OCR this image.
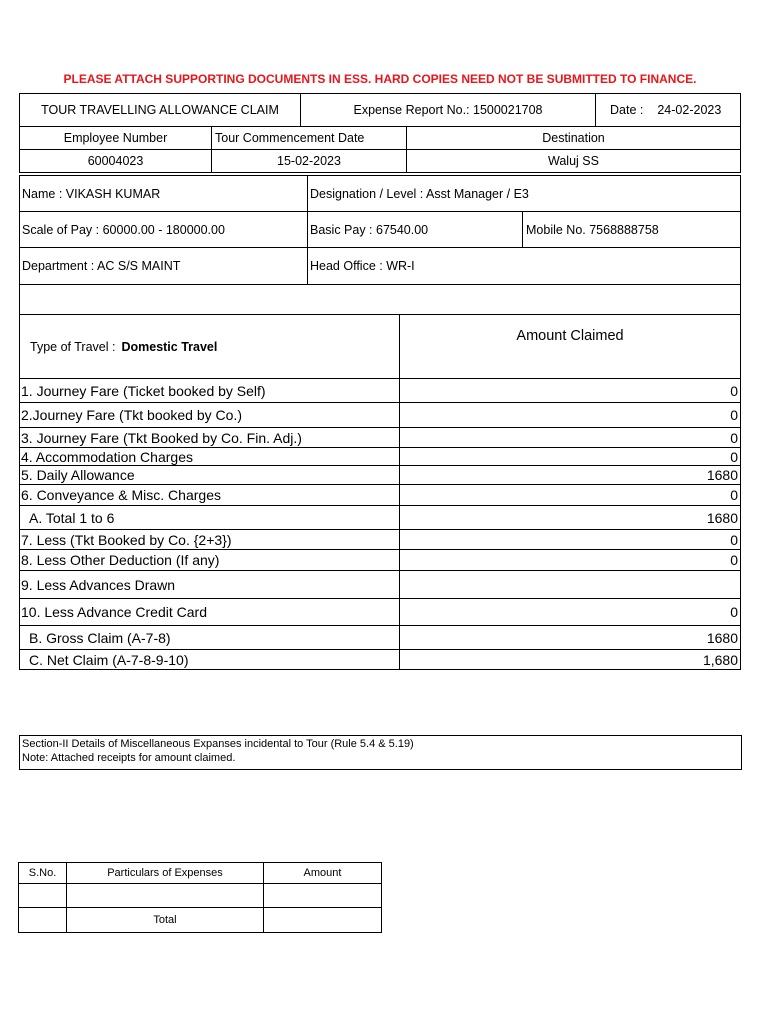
PLEASE ATTACH SUPPORTING DOCUMENTS IN ESS. HARD COPIES NEED NOT BE SUBMITTED TO FINANCE.
TOUR TRAVELLING ALLOWANCE CLAIM	Expense Report No.: 1500021708	Date : 24-02-2023
Employee Number	Tour Commencement Date	Destination
60004023	15-02-2023	Waluj SS
Name : VIKASH KUMAR	Designation / Level : Asst Manager / E3
Scale of Pay : 60000.00 - 180000.00	Basic Pay : 67540.00	Mobile No. 7568888758
Department : AC S/S MAINT	Head Office : WR-I
Type of Travel : Domestic Travel
Amount Claimed
1. Journey Fare (Ticket booked by Self)	0
2.Journey Fare (Tkt booked by Co.)	0
3. Journey Fare (Tkt Booked by Co. Fin. Adj.)	0
4. Accommodation Charges	0
5. Daily Allowance	1680
6. Conveyance & Misc. Charges	0
A. Total 1 to 6	1680
7. Less (Tkt Booked by Co. {2+3})	0
8. Less Other Deduction (If any)	0
9. Less Advances Drawn
10. Less Advance Credit Card	0
B. Gross Claim (A-7-8)	1680
C. Net Claim (A-7-8-9-10)	1,680
Section-II Details of Miscellaneous Expanses incidental to Tour (Rule 5.4 & 5.19)
Note: Attached receipts for amount claimed.
S.No.	Particulars of Expenses	Amount
Total
